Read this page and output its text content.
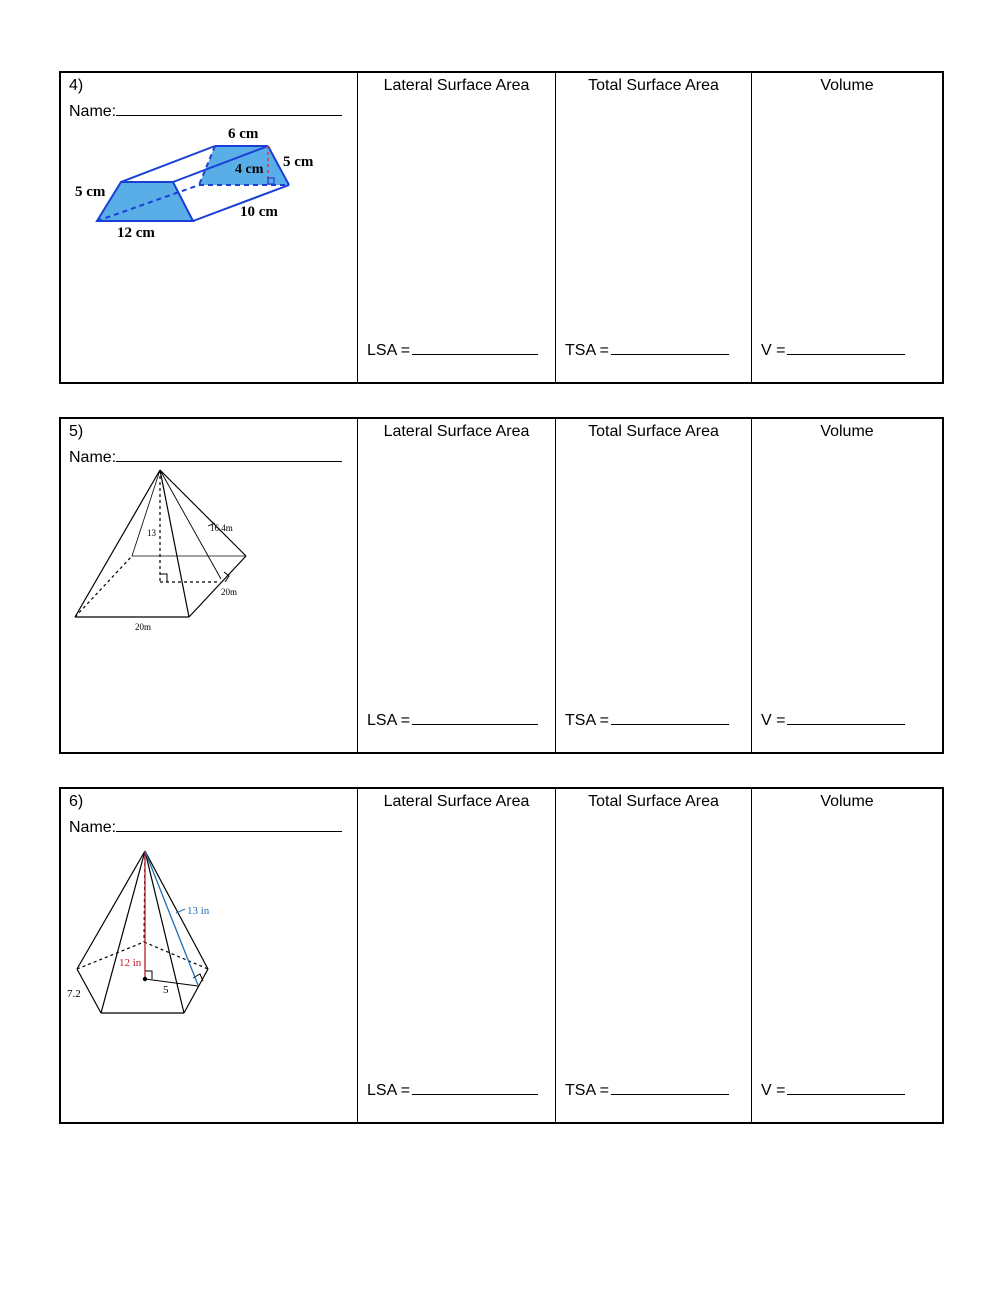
4)
Name:
6 cm
4 cm 5 cm
5 cm
12 cm
10 cm
Lateral Surface Area
LSA =
Total Surface Area
TSA =
Volume
V =
5)
Name:
13	16.4m
20m
20m
Lateral Surface Area
LSA =
Total Surface Area
TSA =
Volume
V =
6)
Name:
13 in
12 in
5
7.2
Lateral Surface Area
LSA =
Total Surface Area
TSA =
Volume
V =
